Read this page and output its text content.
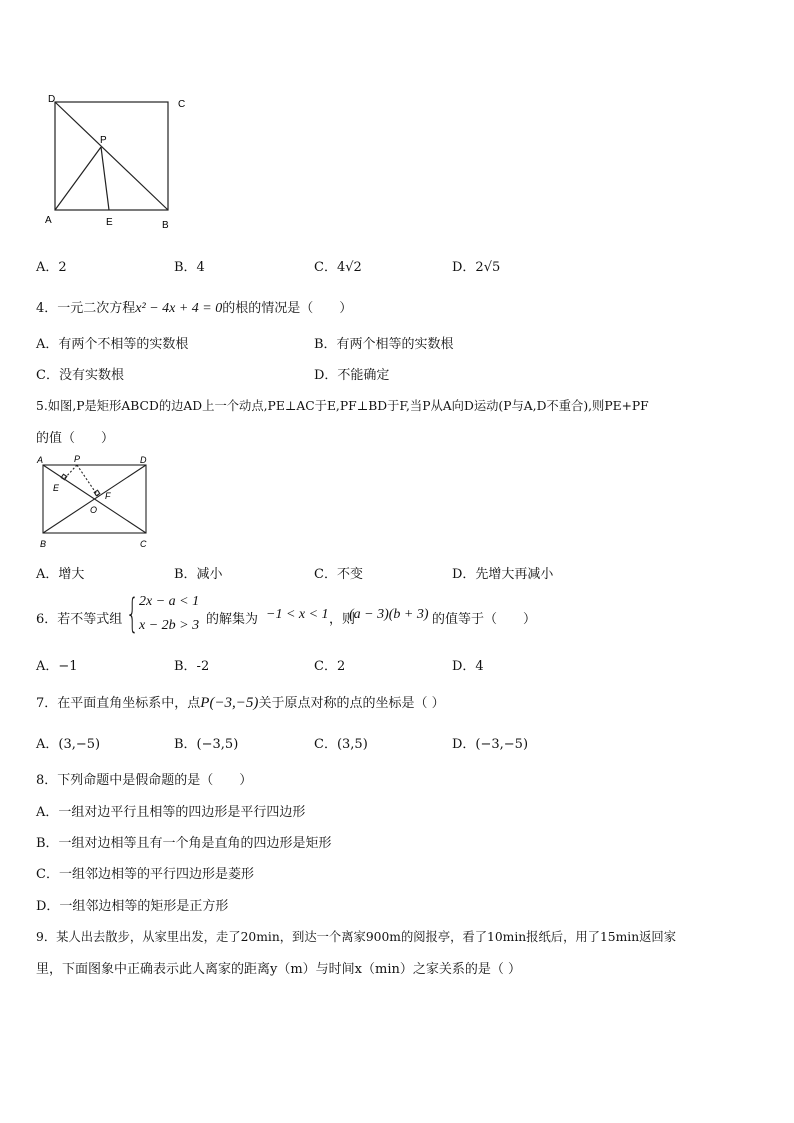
D	C
P
A	E	B
A．2	B．4	C．4√2	D．2√5
4．一元二次方程x² − 4x + 4 = 0的根的情况是（　　）
A．有两个不相等的实数根	B．有两个相等的实数根
C．没有实数根	D．不能确定
5.如图,P是矩形ABCD的边AD上一个动点,PE⊥AC于E,PF⊥BD于F,当P从A向D运动(P与A,D不重合),则PE+PF
的值（　　）
A	P	D
E
F
O
B	C
A．增大	B．减小	C．不变	D．先增大再减小
6．若不等式组 { 2x − a < 1
x − 2b > 3 的解集为 −1 < x < 1 ，则
(a − 3)(b + 3) 的值等于（　　）
A．−1	B．-2	C．2	D．4
7．在平面直角坐标系中，点P(−3,−5)关于原点对称的点的坐标是（ ）
A．(3,−5)	B．(−3,5)	C．(3,5)	D．(−3,−5)
8．下列命题中是假命题的是（　　）
A．一组对边平行且相等的四边形是平行四边形
B．一组对边相等且有一个角是直角的四边形是矩形
C．一组邻边相等的平行四边形是菱形
D．一组邻边相等的矩形是正方形
9．某人出去散步，从家里出发，走了20min，到达一个离家900m的阅报亭，看了10min报纸后，用了15min返回家
里，下面图象中正确表示此人离家的距离y（m）与时间x（min）之家关系的是（ ）
